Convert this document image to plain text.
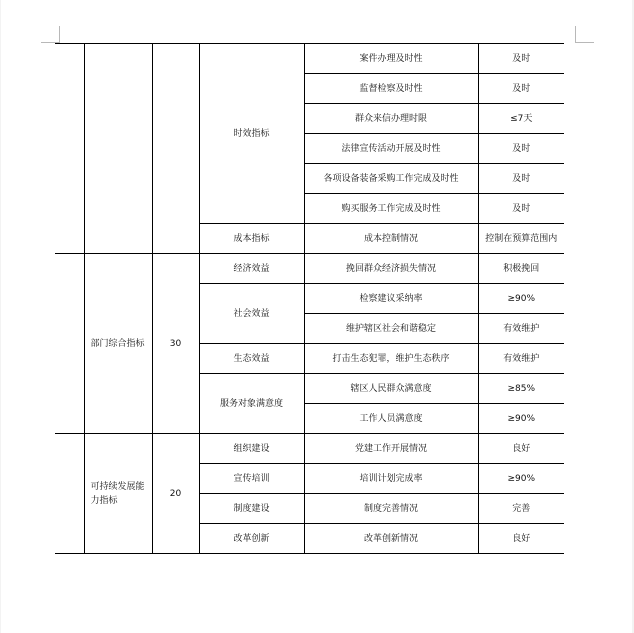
			时效指标	案件办理及时性	及时
				监督检察及时性	及时
				群众来信办理时限	≤7天
				法律宣传活动开展及时性	及时
				各项设备装备采购工作完成及时性	及时
				购买服务工作完成及时性	及时
			成本指标	成本控制情况	控制在预算范围内
	部门综合指标	30	经济效益	挽回群众经济损失情况	积极挽回
			社会效益	检察建议采纳率	≥90%
				维护辖区社会和谐稳定	有效维护
			生态效益	打击生态犯罪，维护生态秩序	有效维护
			服务对象满意度	辖区人民群众满意度	≥85%
				工作人员满意度	≥90%
	可持续发展能力指标	20	组织建设	党建工作开展情况	良好
			宣传培训	培训计划完成率	≥90%
			制度建设	制度完善情况	完善
			改革创新	改革创新情况	良好
